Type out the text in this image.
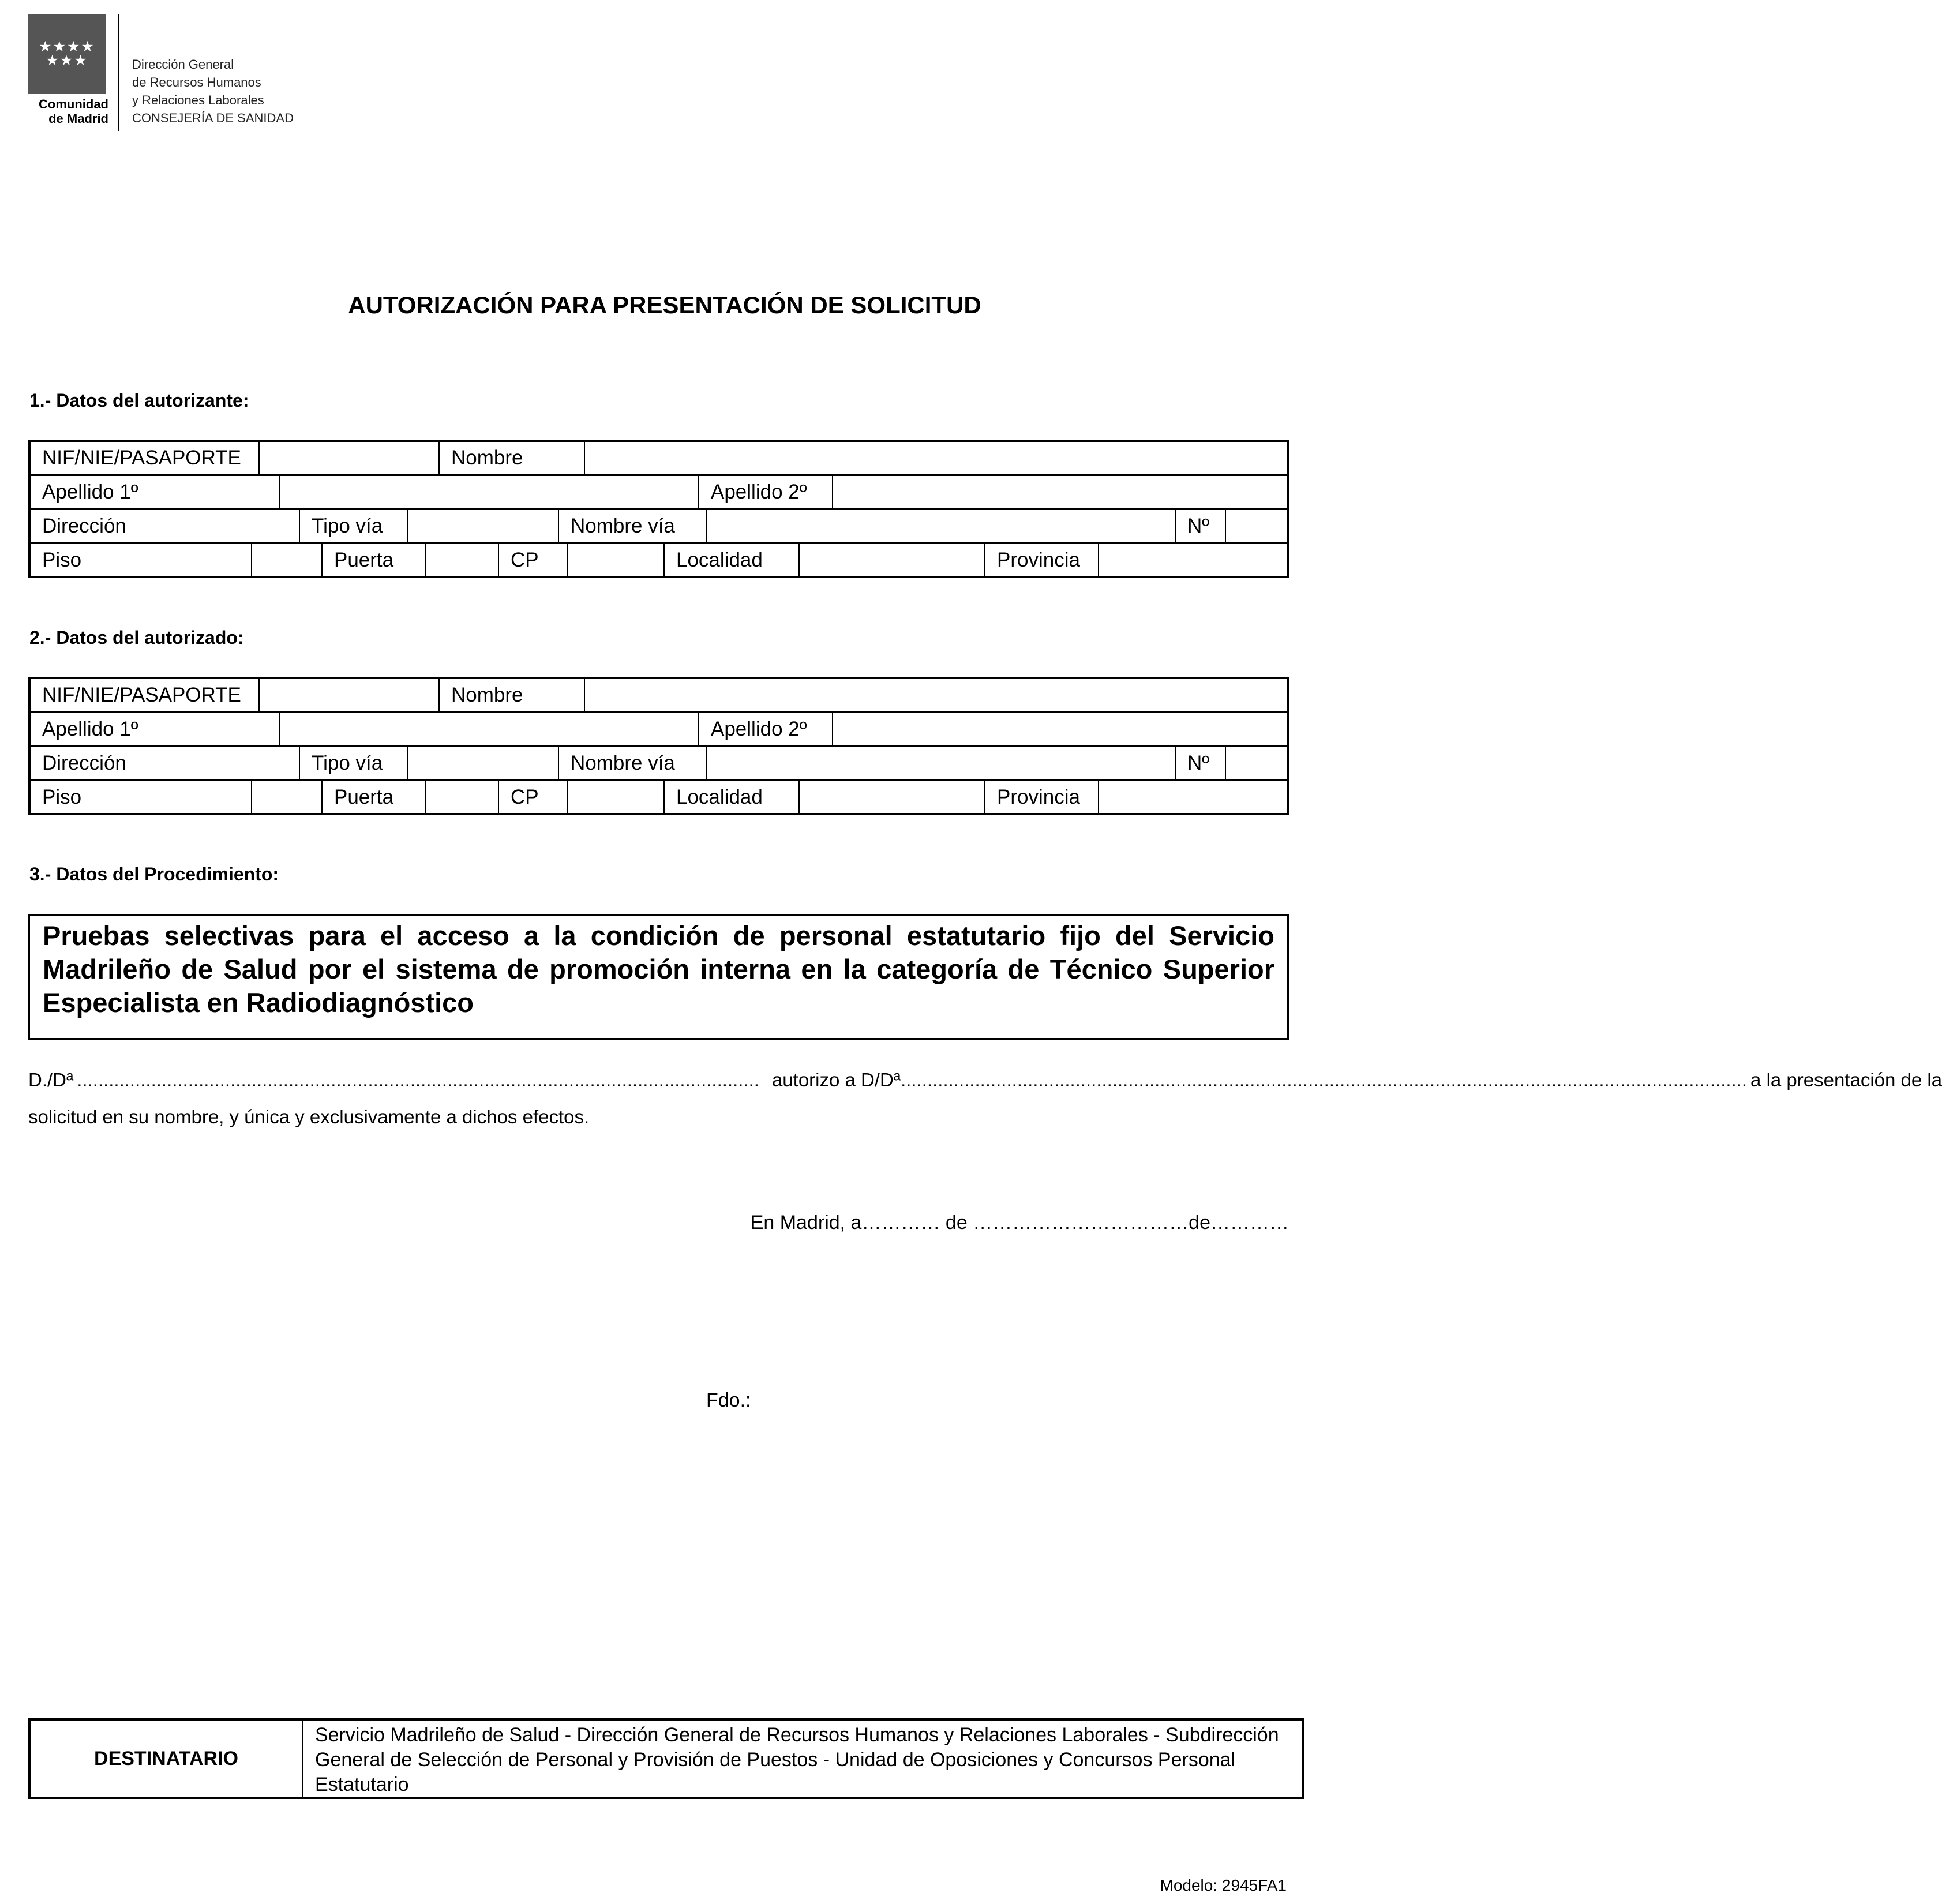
★★★★
★★★
Comunidad
de Madrid
Dirección General
de Recursos Humanos
y Relaciones Laborales
CONSEJERÍA DE SANIDAD
AUTORIZACIÓN PARA PRESENTACIÓN DE SOLICITUD
1.- Datos del autorizante:
NIF/NIE/PASAPORTE		Nombre	
Apellido 1º		Apellido 2º	
Dirección	Tipo vía		Nombre vía		Nº	
Piso		Puerta		CP		Localidad		Provincia	
2.- Datos del autorizado:
NIF/NIE/PASAPORTE		Nombre	
Apellido 1º		Apellido 2º	
Dirección	Tipo vía		Nombre vía		Nº	
Piso		Puerta		CP		Localidad		Provincia	
3.- Datos del Procedimiento:
Pruebas selectivas para el acceso a la condición de personal estatutario fijo del Servicio Madrileño de Salud por el sistema de promoción interna en la categoría de Técnico Superior Especialista en Radiodiagnóstico
D./Dª ................................................................................................................................. autorizo a D/Dª ................................................................................................................................................................ a la presentación de la
solicitud en su nombre, y única y exclusivamente a dichos efectos.
En Madrid, a………… de ……………………………de…………
Fdo.:
DESTINATARIO
Servicio Madrileño de Salud - Dirección General de Recursos Humanos y Relaciones Laborales - Subdirección General de Selección de Personal y Provisión de Puestos - Unidad de Oposiciones y Concursos Personal Estatutario
Modelo: 2945FA1
